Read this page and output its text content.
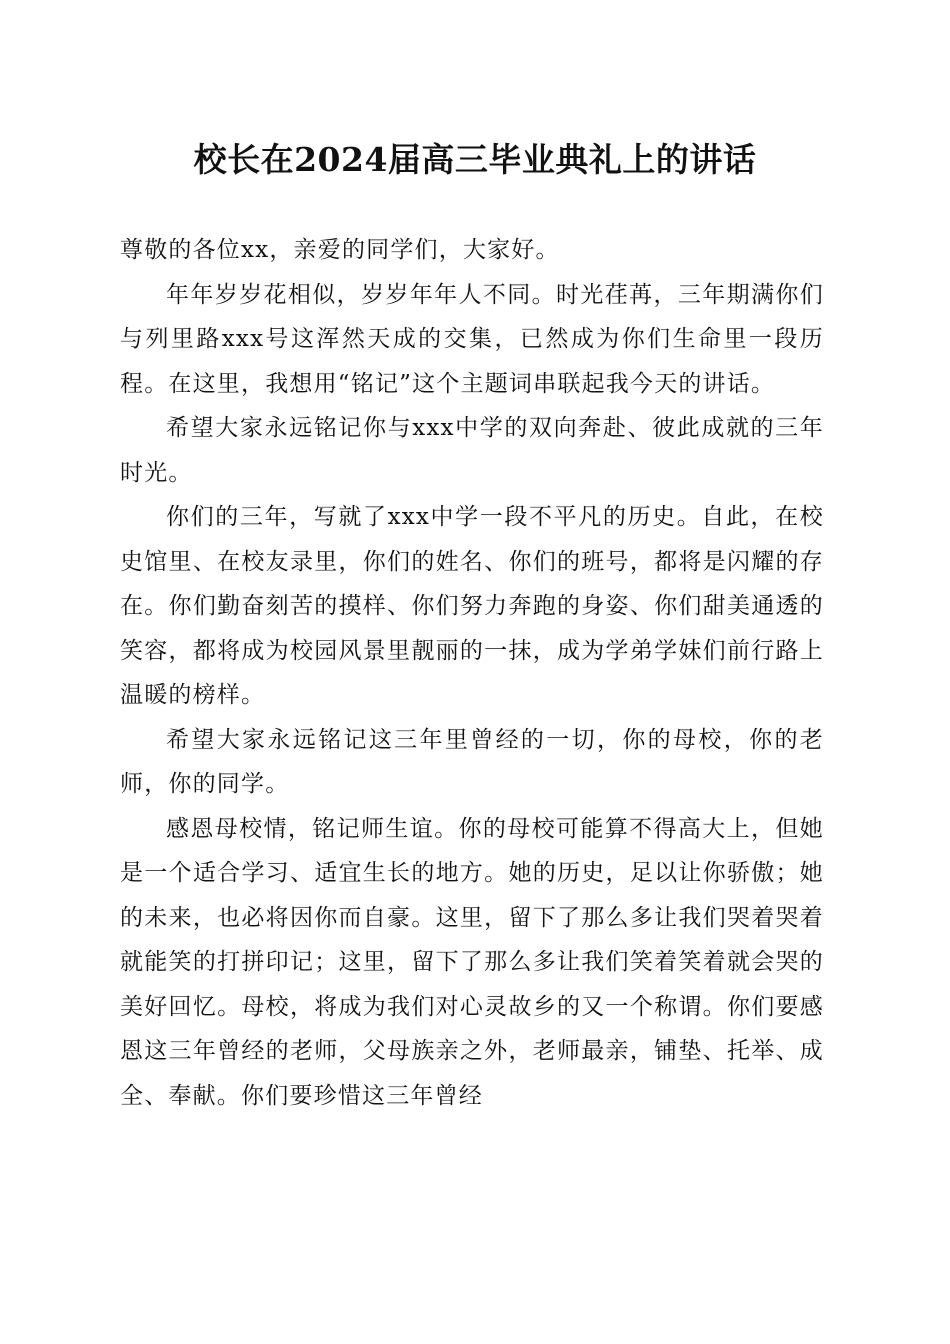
校长在2024届高三毕业典礼上的讲话

尊敬的各位xx，亲爱的同学们，大家好。

年年岁岁花相似，岁岁年年人不同。时光荏苒，三年期满你们与列里路xxx号这浑然天成的交集，已然成为你们生命里一段历程。在这里，我想用“铭记”这个主题词串联起我今天的讲话。

希望大家永远铭记你与xxx中学的双向奔赴、彼此成就的三年时光。

你们的三年，写就了xxx中学一段不平凡的历史。自此，在校史馆里、在校友录里，你们的姓名、你们的班号，都将是闪耀的存在。你们勤奋刻苦的摸样、你们努力奔跑的身姿、你们甜美通透的笑容，都将成为校园风景里靓丽的一抹，成为学弟学妹们前行路上温暖的榜样。

希望大家永远铭记这三年里曾经的一切，你的母校，你的老师，你的同学。

感恩母校情，铭记师生谊。你的母校可能算不得高大上，但她是一个适合学习、适宜生长的地方。她的历史，足以让你骄傲；她的未来，也必将因你而自豪。这里，留下了那么多让我们哭着哭着就能笑的打拼印记；这里，留下了那么多让我们笑着笑着就会哭的美好回忆。母校，将成为我们对心灵故乡的又一个称谓。你们要感恩这三年曾经的老师，父母族亲之外，老师最亲，铺垫、托举、成全、奉献。你们要珍惜这三年曾经
